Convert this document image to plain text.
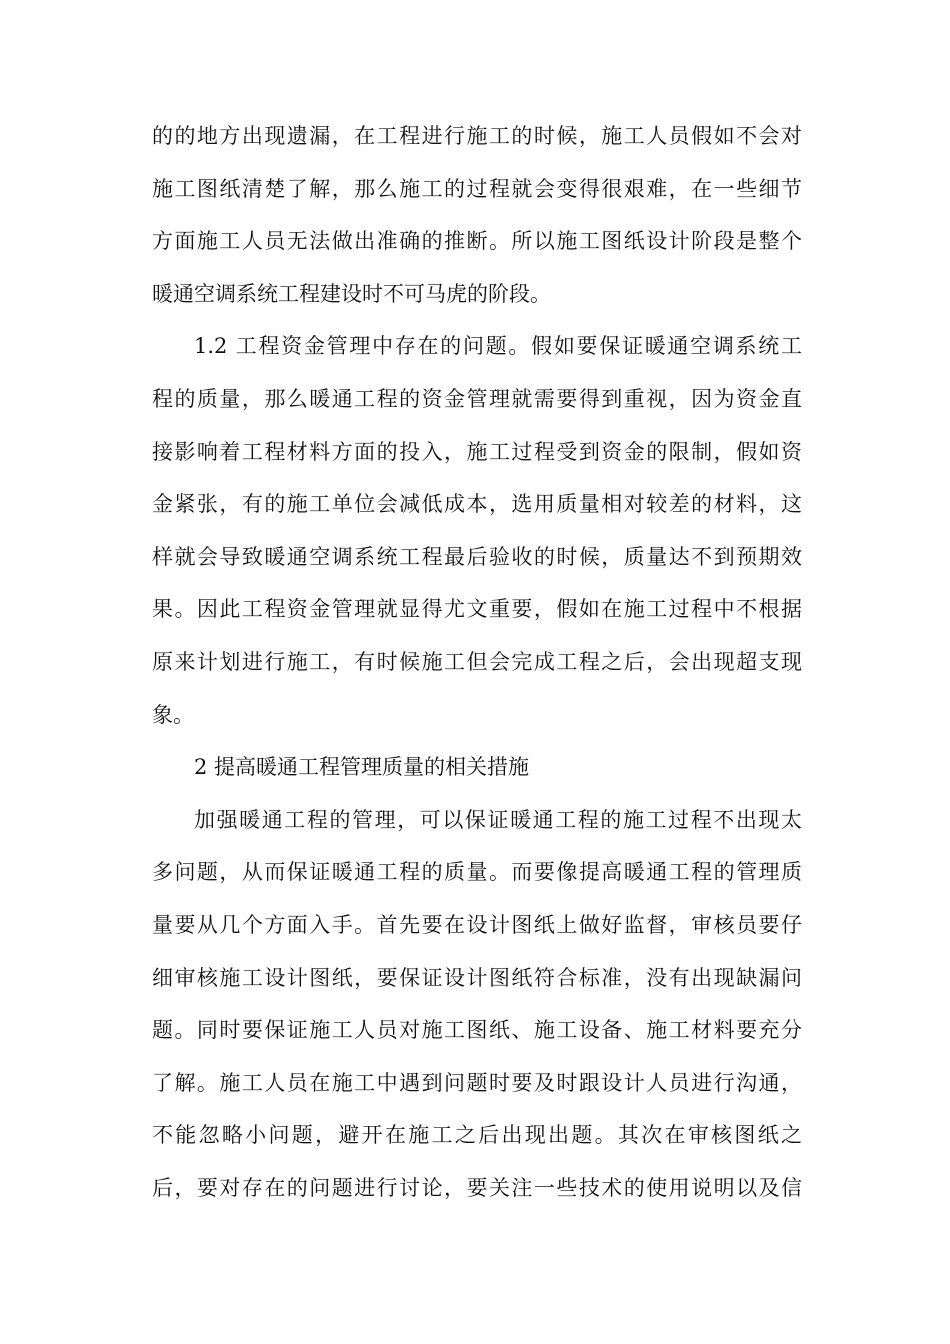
的的地方出现遗漏，在工程进行施工的时候，施工人员假如不会对
施工图纸清楚了解，那么施工的过程就会变得很艰难，在一些细节
方面施工人员无法做出准确的推断。所以施工图纸设计阶段是整个
暖通空调系统工程建设时不可马虎的阶段。
1.2 工程资金管理中存在的问题。假如要保证暖通空调系统工
程的质量，那么暖通工程的资金管理就需要得到重视，因为资金直
接影响着工程材料方面的投入，施工过程受到资金的限制，假如资
金紧张，有的施工单位会减低成本，选用质量相对较差的材料，这
样就会导致暖通空调系统工程最后验收的时候，质量达不到预期效
果。因此工程资金管理就显得尤文重要，假如在施工过程中不根据
原来计划进行施工，有时候施工但会完成工程之后，会出现超支现
象。
2 提高暖通工程管理质量的相关措施
加强暖通工程的管理，可以保证暖通工程的施工过程不出现太
多问题，从而保证暖通工程的质量。而要像提高暖通工程的管理质
量要从几个方面入手。首先要在设计图纸上做好监督，审核员要仔
细审核施工设计图纸，要保证设计图纸符合标准，没有出现缺漏问
题。同时要保证施工人员对施工图纸、施工设备、施工材料要充分
了解。施工人员在施工中遇到问题时要及时跟设计人员进行沟通，
不能忽略小问题，避开在施工之后出现出题。其次在审核图纸之
后，要对存在的问题进行讨论，要关注一些技术的使用说明以及信
